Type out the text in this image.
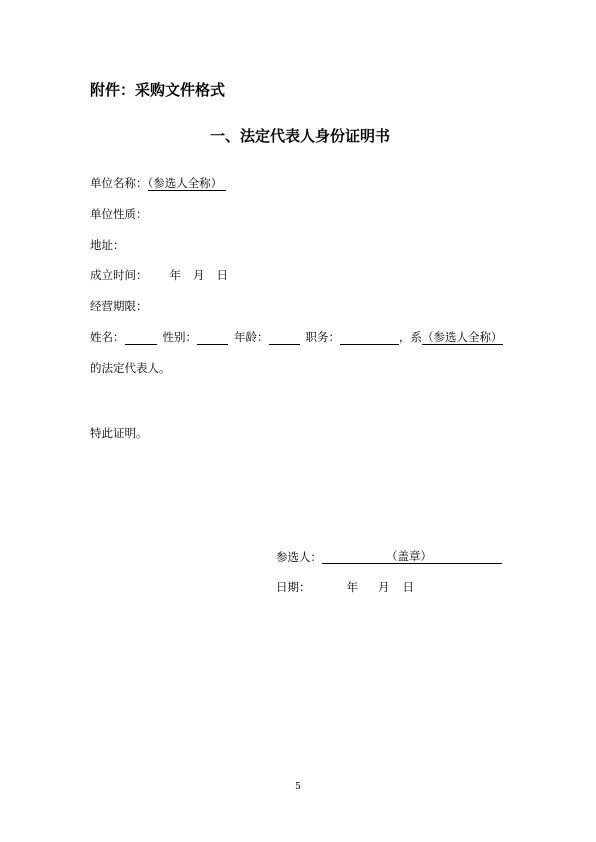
附件：采购文件格式
一、法定代表人身份证明书
单位名称：（参选人全称）
单位性质：
地址：
成立时间： 年 月 日
经营期限：
姓名：	性别：	年龄：	职务：	，系（参选人全称）
的法定代表人。
特此证明。
参选人：	（盖章）
日期：	年 月 日
5
